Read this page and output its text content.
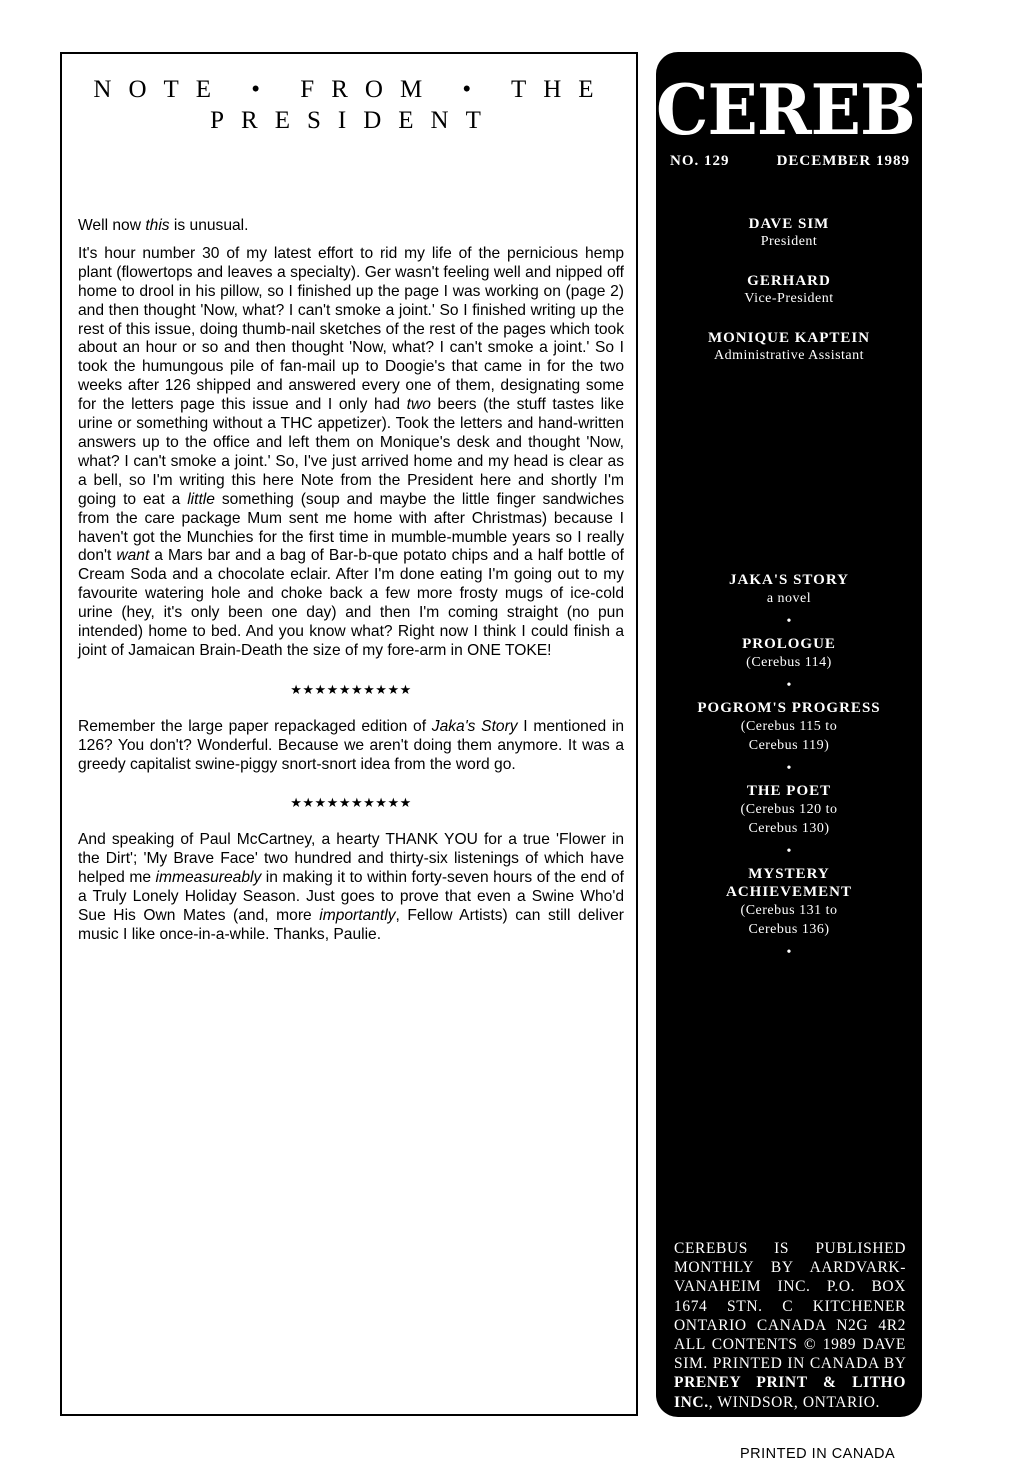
NOTE • FROM • THE
PRESIDENT

Well now this is unusual.

It's hour number 30 of my latest effort to rid my life of the pernicious hemp plant (flowertops and leaves a specialty). Ger wasn't feeling well and nipped off home to drool in his pillow, so I finished up the page I was working on (page 2) and then thought 'Now, what? I can't smoke a joint.' So I finished writing up the rest of this issue, doing thumb-nail sketches of the rest of the pages which took about an hour or so and then thought 'Now, what? I can't smoke a joint.' So I took the humungous pile of fan-mail up to Doogie's that came in for the two weeks after 126 shipped and answered every one of them, designating some for the letters page this issue and I only had two beers (the stuff tastes like urine or something without a THC appetizer). Took the letters and hand-written answers up to the office and left them on Monique's desk and thought 'Now, what? I can't smoke a joint.' So, I've just arrived home and my head is clear as a bell, so I'm writing this here Note from the President here and shortly I'm going to eat a little something (soup and maybe the little finger sandwiches from the care package Mum sent me home with after Christmas) because I haven't got the Munchies for the first time in mumble-mumble years so I really don't want a Mars bar and a bag of Bar-b-que potato chips and a half bottle of Cream Soda and a chocolate eclair. After I'm done eating I'm going out to my favourite watering hole and choke back a few more frosty mugs of ice-cold urine (hey, it's only been one day) and then I'm coming straight (no pun intended) home to bed. And you know what? Right now I think I could finish a joint of Jamaican Brain-Death the size of my fore-arm in ONE TOKE!

★★★★★★★★★★

Remember the large paper repackaged edition of Jaka's Story I mentioned in 126? You don't? Wonderful. Because we aren't doing them anymore. It was a greedy capitalist swine-piggy snort-snort idea from the word go.

★★★★★★★★★★

And speaking of Paul McCartney, a hearty THANK YOU for a true 'Flower in the Dirt'; 'My Brave Face' two hundred and thirty-six listenings of which have helped me immeasureably in making it to within forty-seven hours of the end of a Truly Lonely Holiday Season. Just goes to prove that even a Swine Who'd Sue His Own Mates (and, more importantly, Fellow Artists) can still deliver music I like once-in-a-while. Thanks, Paulie.

CEREBUS
NO. 129	DECEMBER 1989
DAVE SIM
President
GERHARD
Vice-President
MONIQUE KAPTEIN
Administrative Assistant
JAKA'S STORY
a novel
•
PROLOGUE
(Cerebus 114)
•
POGROM'S PROGRESS
(Cerebus 115 to
Cerebus 119)
•
THE POET
(Cerebus 120 to
Cerebus 130)
•
MYSTERY
ACHIEVEMENT
(Cerebus 131 to
Cerebus 136)
•
CEREBUS IS PUBLISHED MONTHLY BY AARDVARK-VANAHEIM INC. P.O. BOX 1674 STN. C KITCHENER ONTARIO CANADA N2G 4R2 ALL CONTENTS © 1989 DAVE SIM. PRINTED IN CANADA BY PRENEY PRINT & LITHO INC., WINDSOR, ONTARIO.
PRINTED IN CANADA
